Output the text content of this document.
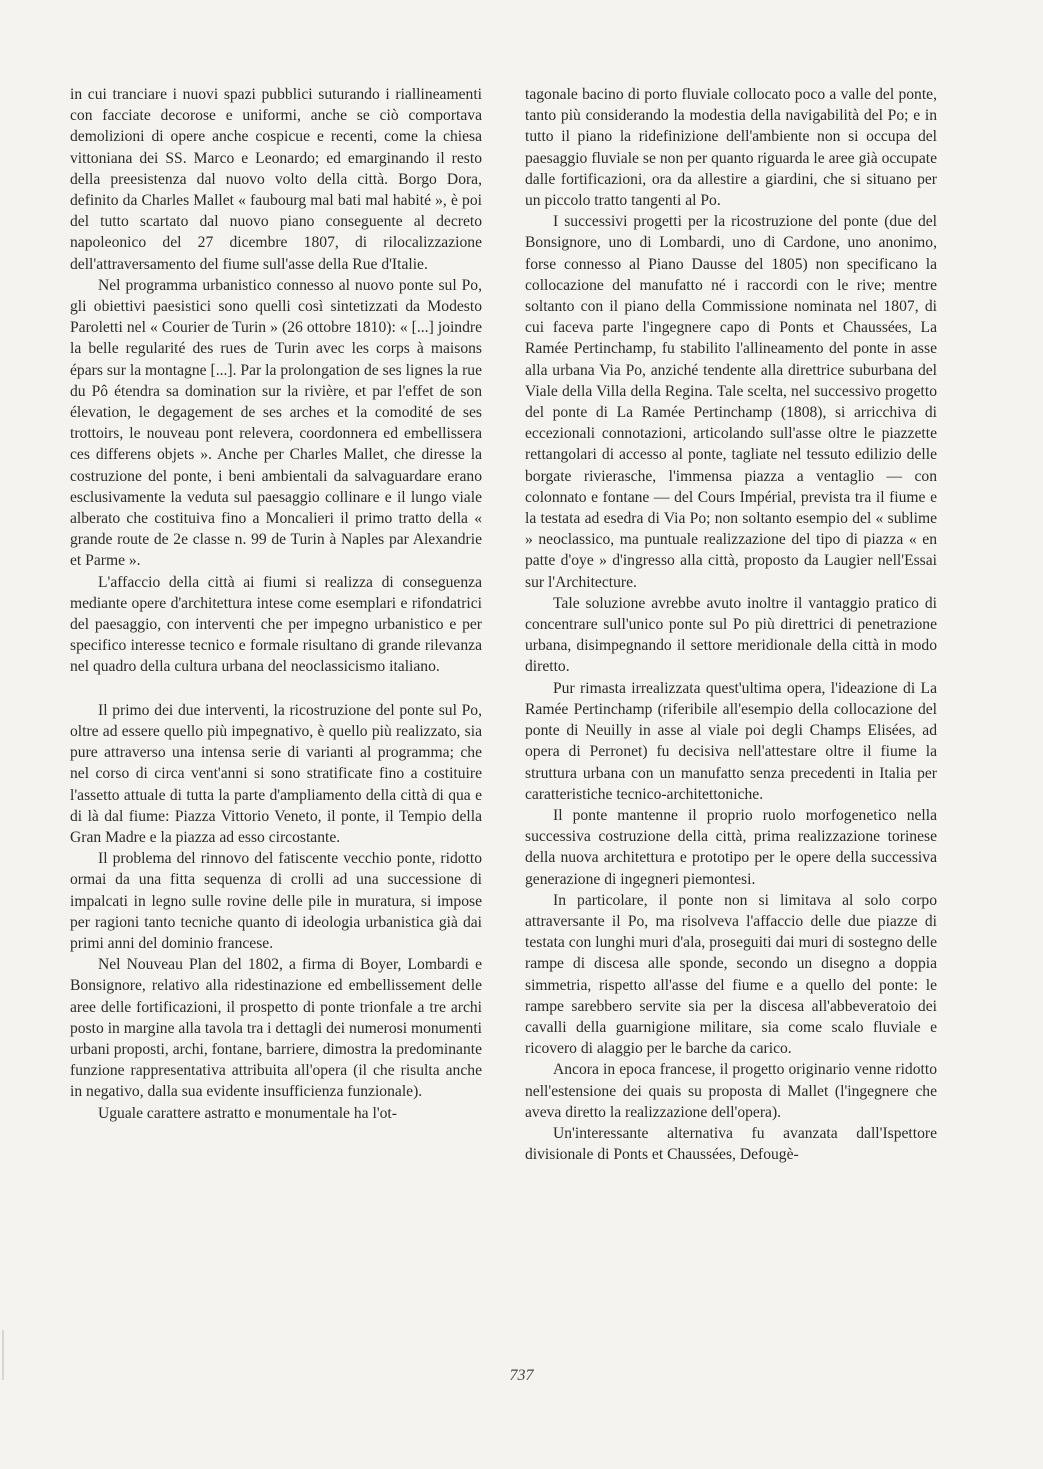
in cui tranciare i nuovi spazi pubblici suturando i riallineamenti con facciate decorose e uniformi, anche se ciò comportava demolizioni di opere anche cospicue e recenti, come la chiesa vittoniana dei SS. Marco e Leonardo; ed emarginando il resto della preesistenza dal nuovo volto della città. Borgo Dora, definito da Charles Mallet « faubourg mal bati mal habité », è poi del tutto scartato dal nuovo piano conseguente al decreto napoleonico del 27 dicembre 1807, di rilocalizzazione dell'attraversamento del fiume sull'asse della Rue d'Italie.

Nel programma urbanistico connesso al nuovo ponte sul Po, gli obiettivi paesistici sono quelli così sintetizzati da Modesto Paroletti nel « Courier de Turin » (26 ottobre 1810): « [...] joindre la belle regularité des rues de Turin avec les corps à maisons épars sur la montagne [...]. Par la prolongation de ses lignes la rue du Pô étendra sa domination sur la rivière, et par l'effet de son élevation, le degagement de ses arches et la comodité de ses trottoirs, le nouveau pont relevera, coordonnera ed embellissera ces differens objets ». Anche per Charles Mallet, che diresse la costruzione del ponte, i beni ambientali da salvaguardare erano esclusivamente la veduta sul paesaggio collinare e il lungo viale alberato che costituiva fino a Moncalieri il primo tratto della « grande route de 2e classe n. 99 de Turin à Naples par Alexandrie et Parme ».

L'affaccio della città ai fiumi si realizza di conseguenza mediante opere d'architettura intese come esemplari e rifondatrici del paesaggio, con interventi che per impegno urbanistico e per specifico interesse tecnico e formale risultano di grande rilevanza nel quadro della cultura urbana del neoclassicismo italiano.

Il primo dei due interventi, la ricostruzione del ponte sul Po, oltre ad essere quello più impegnativo, è quello più realizzato, sia pure attraverso una intensa serie di varianti al programma; che nel corso di circa vent'anni si sono stratificate fino a costituire l'assetto attuale di tutta la parte d'ampliamento della città di qua e di là dal fiume: Piazza Vittorio Veneto, il ponte, il Tempio della Gran Madre e la piazza ad esso circostante.

Il problema del rinnovo del fatiscente vecchio ponte, ridotto ormai da una fitta sequenza di crolli ad una successione di impalcati in legno sulle rovine delle pile in muratura, si impose per ragioni tanto tecniche quanto di ideologia urbanistica già dai primi anni del dominio francese.

Nel Nouveau Plan del 1802, a firma di Boyer, Lombardi e Bonsignore, relativo alla ridestinazione ed embellissement delle aree delle fortificazioni, il prospetto di ponte trionfale a tre archi posto in margine alla tavola tra i dettagli dei numerosi monumenti urbani proposti, archi, fontane, barriere, dimostra la predominante funzione rappresentativa attribuita all'opera (il che risulta anche in negativo, dalla sua evidente insufficienza funzionale).

Uguale carattere astratto e monumentale ha l'ot-

tagonale bacino di porto fluviale collocato poco a valle del ponte, tanto più considerando la modestia della navigabilità del Po; e in tutto il piano la ridefinizione dell'ambiente non si occupa del paesaggio fluviale se non per quanto riguarda le aree già occupate dalle fortificazioni, ora da allestire a giardini, che si situano per un piccolo tratto tangenti al Po.

I successivi progetti per la ricostruzione del ponte (due del Bonsignore, uno di Lombardi, uno di Cardone, uno anonimo, forse connesso al Piano Dausse del 1805) non specificano la collocazione del manufatto né i raccordi con le rive; mentre soltanto con il piano della Commissione nominata nel 1807, di cui faceva parte l'ingegnere capo di Ponts et Chaussées, La Ramée Pertinchamp, fu stabilito l'allineamento del ponte in asse alla urbana Via Po, anziché tendente alla direttrice suburbana del Viale della Villa della Regina. Tale scelta, nel successivo progetto del ponte di La Ramée Pertinchamp (1808), si arricchiva di eccezionali connotazioni, articolando sull'asse oltre le piazzette rettangolari di accesso al ponte, tagliate nel tessuto edilizio delle borgate rivierasche, l'immensa piazza a ventaglio — con colonnato e fontane — del Cours Impérial, prevista tra il fiume e la testata ad esedra di Via Po; non soltanto esempio del « sublime » neoclassico, ma puntuale realizzazione del tipo di piazza « en patte d'oye » d'ingresso alla città, proposto da Laugier nell'Essai sur l'Architecture.

Tale soluzione avrebbe avuto inoltre il vantaggio pratico di concentrare sull'unico ponte sul Po più direttrici di penetrazione urbana, disimpegnando il settore meridionale della città in modo diretto.

Pur rimasta irrealizzata quest'ultima opera, l'ideazione di La Ramée Pertinchamp (riferibile all'esempio della collocazione del ponte di Neuilly in asse al viale poi degli Champs Elisées, ad opera di Perronet) fu decisiva nell'attestare oltre il fiume la struttura urbana con un manufatto senza precedenti in Italia per caratteristiche tecnico-architettoniche.

Il ponte mantenne il proprio ruolo morfogenetico nella successiva costruzione della città, prima realizzazione torinese della nuova architettura e prototipo per le opere della successiva generazione di ingegneri piemontesi.

In particolare, il ponte non si limitava al solo corpo attraversante il Po, ma risolveva l'affaccio delle due piazze di testata con lunghi muri d'ala, proseguiti dai muri di sostegno delle rampe di discesa alle sponde, secondo un disegno a doppia simmetria, rispetto all'asse del fiume e a quello del ponte: le rampe sarebbero servite sia per la discesa all'abbeveratoio dei cavalli della guarnigione militare, sia come scalo fluviale e ricovero di alaggio per le barche da carico.

Ancora in epoca francese, il progetto originario venne ridotto nell'estensione dei quais su proposta di Mallet (l'ingegnere che aveva diretto la realizzazione dell'opera).

Un'interessante alternativa fu avanzata dall'Ispettore divisionale di Ponts et Chaussées, Defougè-

737
